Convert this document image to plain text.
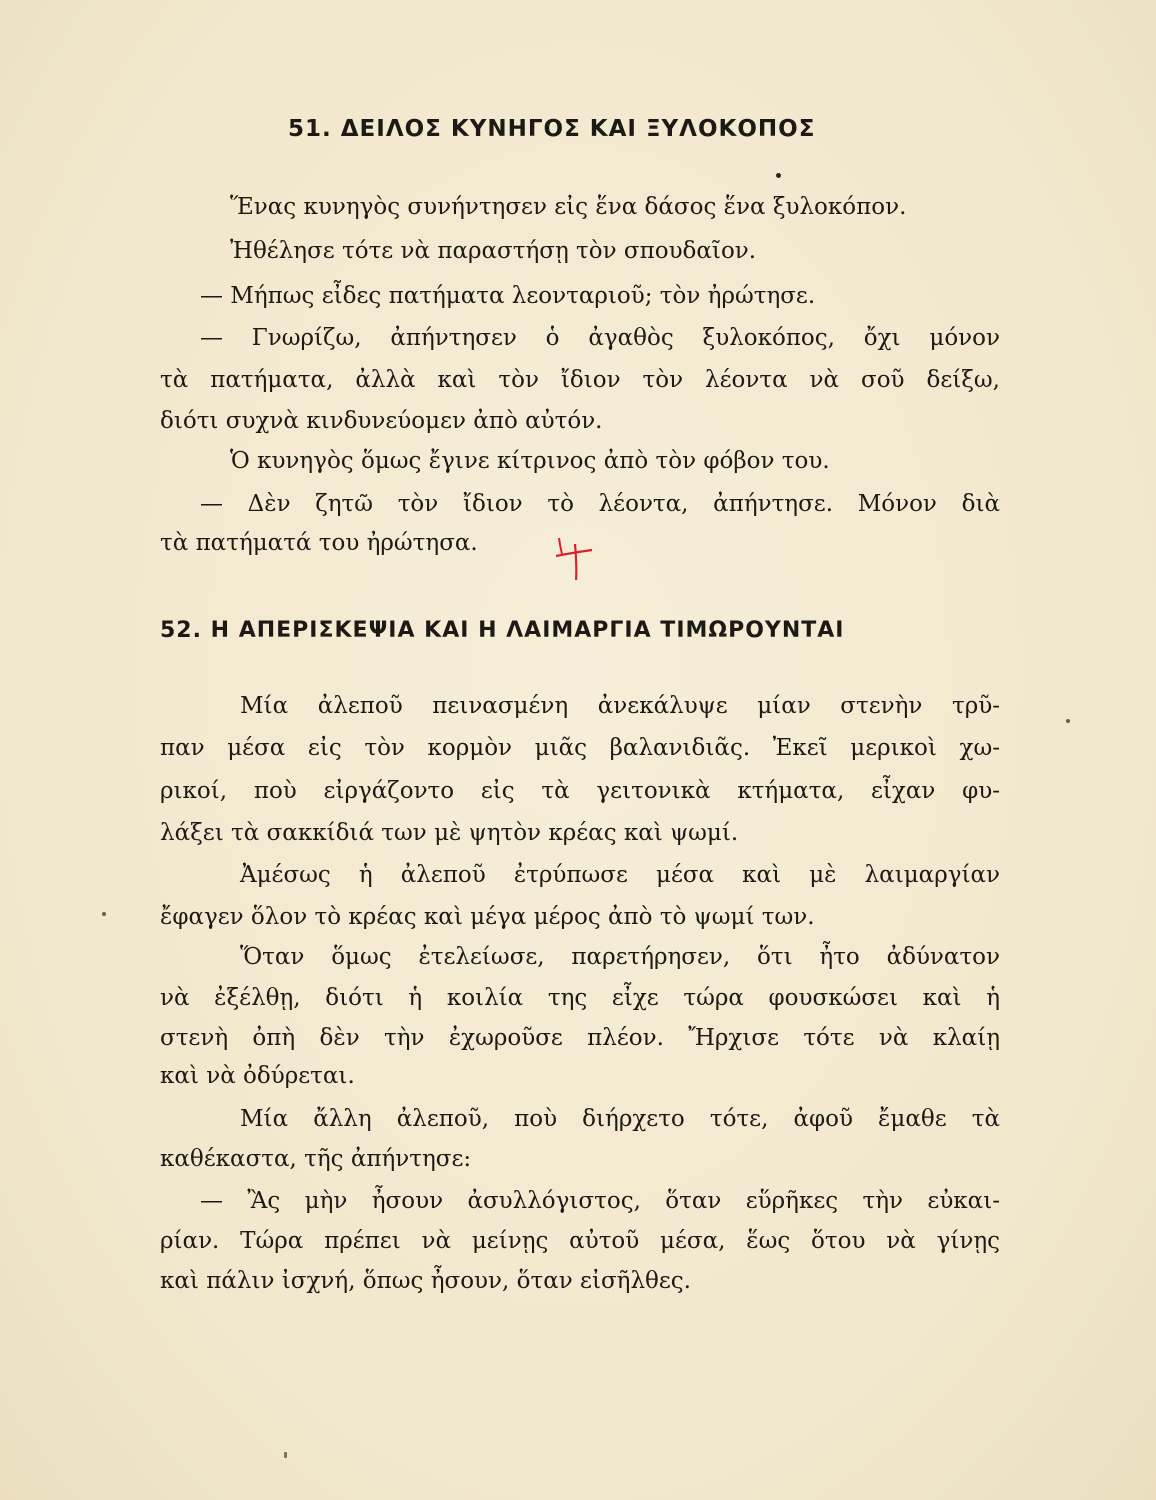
51. ΔΕΙΛΟΣ ΚΥΝΗΓΟΣ ΚΑΙ ΞΥΛΟΚΟΠΟΣ
Ἕνας κυνηγὸς συνήντησεν εἰς ἕνα δάσος ἕνα ξυλοκόπον.
Ἠθέλησε τότε νὰ παραστήσῃ τὸν σπουδαῖον.
— Μήπως εἶδες πατήματα λεονταριοῦ; τὸν ἠρώτησε.
— Γνωρίζω, ἀπήντησεν ὁ ἀγαθὸς ξυλοκόπος, ὄχι μόνον
τὰ πατήματα, ἀλλὰ καὶ τὸν ἴδιον τὸν λέοντα νὰ σοῦ δείξω,
διότι συχνὰ κινδυνεύομεν ἀπὸ αὐτόν.
Ὁ κυνηγὸς ὅμως ἔγινε κίτρινος ἀπὸ τὸν φόβον του.
— Δὲν ζητῶ τὸν ἴδιον τὸ λέοντα, ἀπήντησε. Μόνον διὰ
τὰ πατήματά του ἠρώτησα.
52. Η ΑΠΕΡΙΣΚΕΨΙΑ ΚΑΙ Η ΛΑΙΜΑΡΓΙΑ ΤΙΜΩΡΟΥΝΤΑΙ
Μία ἀλεποῦ πεινασμένη ἀνεκάλυψε μίαν στενὴν τρῦ-
παν μέσα εἰς τὸν κορμὸν μιᾶς βαλανιδιᾶς. Ἐκεῖ μερικοὶ χω-
ρικοί, ποὺ εἰργάζοντο εἰς τὰ γειτονικὰ κτήματα, εἶχαν φυ-
λάξει τὰ σακκίδιά των μὲ ψητὸν κρέας καὶ ψωμί.
Ἀμέσως ἡ ἀλεποῦ ἐτρύπωσε μέσα καὶ μὲ λαιμαργίαν
ἔφαγεν ὅλον τὸ κρέας καὶ μέγα μέρος ἀπὸ τὸ ψωμί των.
Ὅταν ὅμως ἐτελείωσε, παρετήρησεν, ὅτι ἦτο ἀδύνατον
νὰ ἐξέλθῃ, διότι ἡ κοιλία της εἶχε τώρα φουσκώσει καὶ ἡ
στενὴ ὀπὴ δὲν τὴν ἐχωροῦσε πλέον. Ἤρχισε τότε νὰ κλαίῃ
καὶ νὰ ὀδύρεται.
Μία ἄλλη ἀλεποῦ, ποὺ διήρχετο τότε, ἀφοῦ ἔμαθε τὰ
καθέκαστα, τῆς ἀπήντησε:
— Ἂς μὴν ἦσουν ἀσυλλόγιστος, ὅταν εὕρῆκες τὴν εὐκαι-
ρίαν. Τώρα πρέπει νὰ μείνῃς αὐτοῦ μέσα, ἕως ὅτου νὰ γίνῃς
καὶ πάλιν ἰσχνή, ὅπως ἦσουν, ὅταν εἰσῆλθες.
